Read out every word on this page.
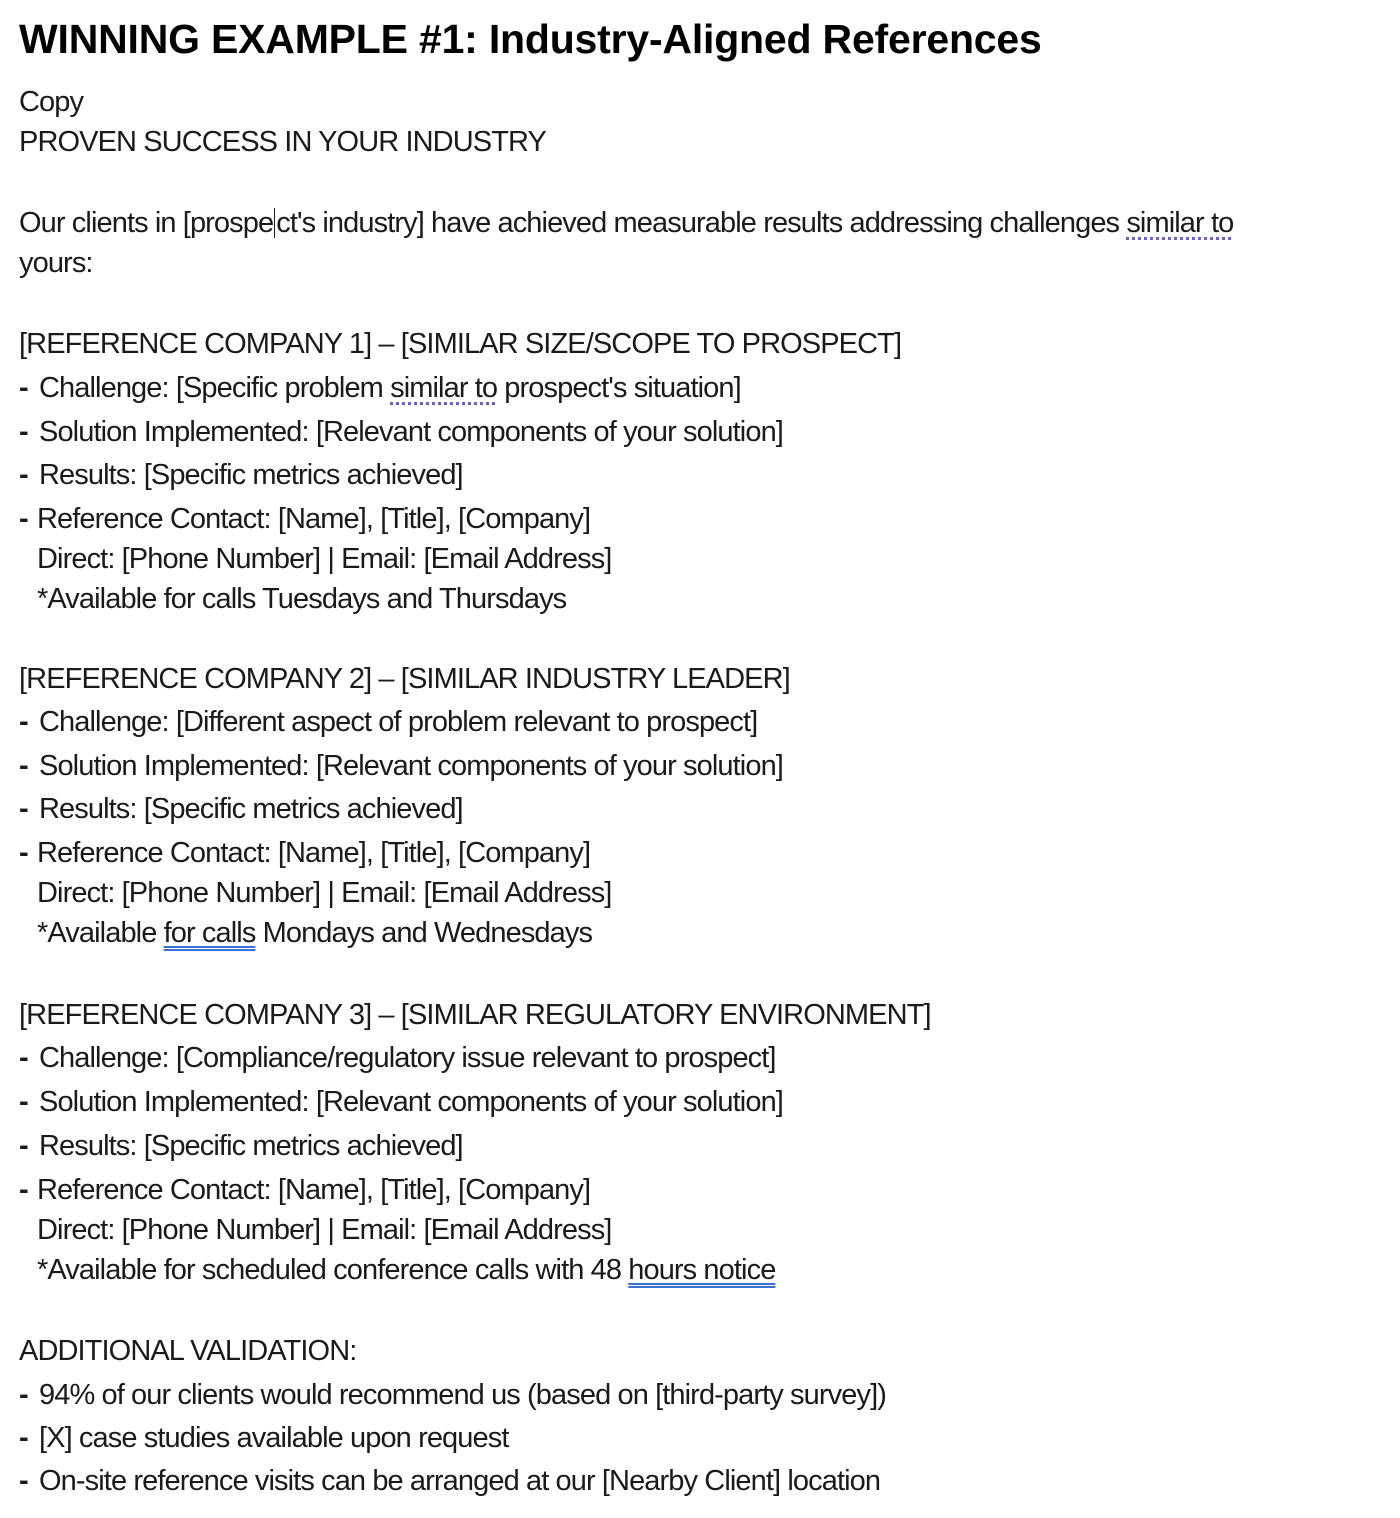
WINNING EXAMPLE #1: Industry-Aligned References
Copy
PROVEN SUCCESS IN YOUR INDUSTRY
Our clients in [prospe ct's industry] have achieved measurable results addressing challenges similar to
yours:
[REFERENCE COMPANY 1] – [SIMILAR SIZE/SCOPE TO PROSPECT]
- Challenge: [Specific problem similar to prospect's situation]
- Solution Implemented: [Relevant components of your solution]
- Results: [Specific metrics achieved]
- Reference Contact: [Name], [Title], [Company]
Direct: [Phone Number] | Email: [Email Address]
*Available for calls Tuesdays and Thursdays
[REFERENCE COMPANY 2] – [SIMILAR INDUSTRY LEADER]
- Challenge: [Different aspect of problem relevant to prospect]
- Solution Implemented: [Relevant components of your solution]
- Results: [Specific metrics achieved]
- Reference Contact: [Name], [Title], [Company]
Direct: [Phone Number] | Email: [Email Address]
*Available for calls Mondays and Wednesdays
[REFERENCE COMPANY 3] – [SIMILAR REGULATORY ENVIRONMENT]
- Challenge: [Compliance/regulatory issue relevant to prospect]
- Solution Implemented: [Relevant components of your solution]
- Results: [Specific metrics achieved]
- Reference Contact: [Name], [Title], [Company]
Direct: [Phone Number] | Email: [Email Address]
*Available for scheduled conference calls with 48 hours notice
ADDITIONAL VALIDATION:
- 94% of our clients would recommend us (based on [third-party survey])
- [X] case studies available upon request
- On-site reference visits can be arranged at our [Nearby Client] location
